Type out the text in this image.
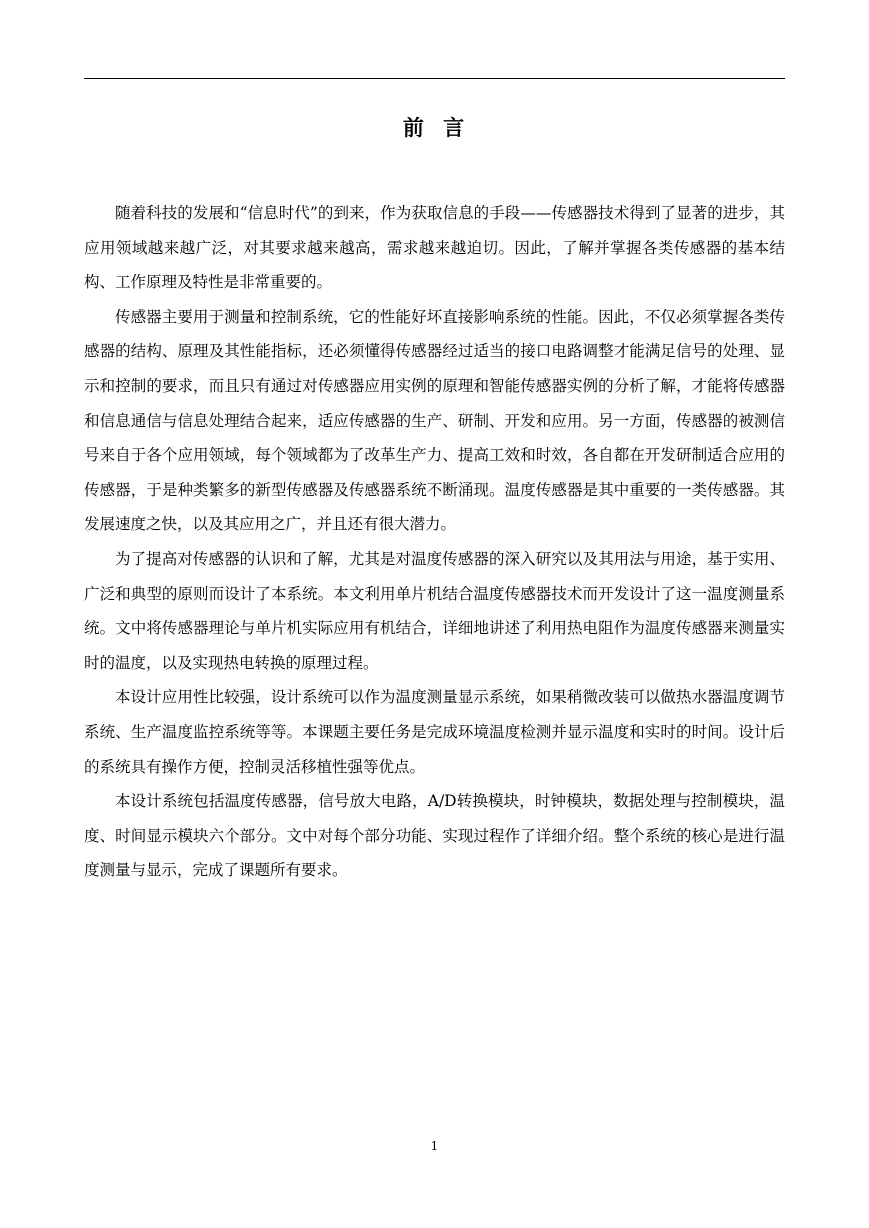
前 言

随着科技的发展和“信息时代”的到来，作为获取信息的手段——传感器技术得到了显著的进步，其应用领域越来越广泛，对其要求越来越高，需求越来越迫切。因此，了解并掌握各类传感器的基本结构、工作原理及特性是非常重要的。

传感器主要用于测量和控制系统，它的性能好坏直接影响系统的性能。因此，不仅必须掌握各类传感器的结构、原理及其性能指标，还必须懂得传感器经过适当的接口电路调整才能满足信号的处理、显示和控制的要求，而且只有通过对传感器应用实例的原理和智能传感器实例的分析了解，才能将传感器和信息通信与信息处理结合起来，适应传感器的生产、研制、开发和应用。另一方面，传感器的被测信号来自于各个应用领域，每个领域都为了改革生产力、提高工效和时效，各自都在开发研制适合应用的传感器，于是种类繁多的新型传感器及传感器系统不断涌现。温度传感器是其中重要的一类传感器。其发展速度之快，以及其应用之广，并且还有很大潜力。

为了提高对传感器的认识和了解，尤其是对温度传感器的深入研究以及其用法与用途，基于实用、广泛和典型的原则而设计了本系统。本文利用单片机结合温度传感器技术而开发设计了这一温度测量系统。文中将传感器理论与单片机实际应用有机结合，详细地讲述了利用热电阻作为温度传感器来测量实时的温度，以及实现热电转换的原理过程。

本设计应用性比较强，设计系统可以作为温度测量显示系统，如果稍微改装可以做热水器温度调节系统、生产温度监控系统等等。本课题主要任务是完成环境温度检测并显示温度和实时的时间。设计后的系统具有操作方便，控制灵活移植性强等优点。

本设计系统包括温度传感器，信号放大电路，A/D转换模块，时钟模块，数据处理与控制模块，温度、时间显示模块六个部分。文中对每个部分功能、实现过程作了详细介绍。整个系统的核心是进行温度测量与显示，完成了课题所有要求。

1
